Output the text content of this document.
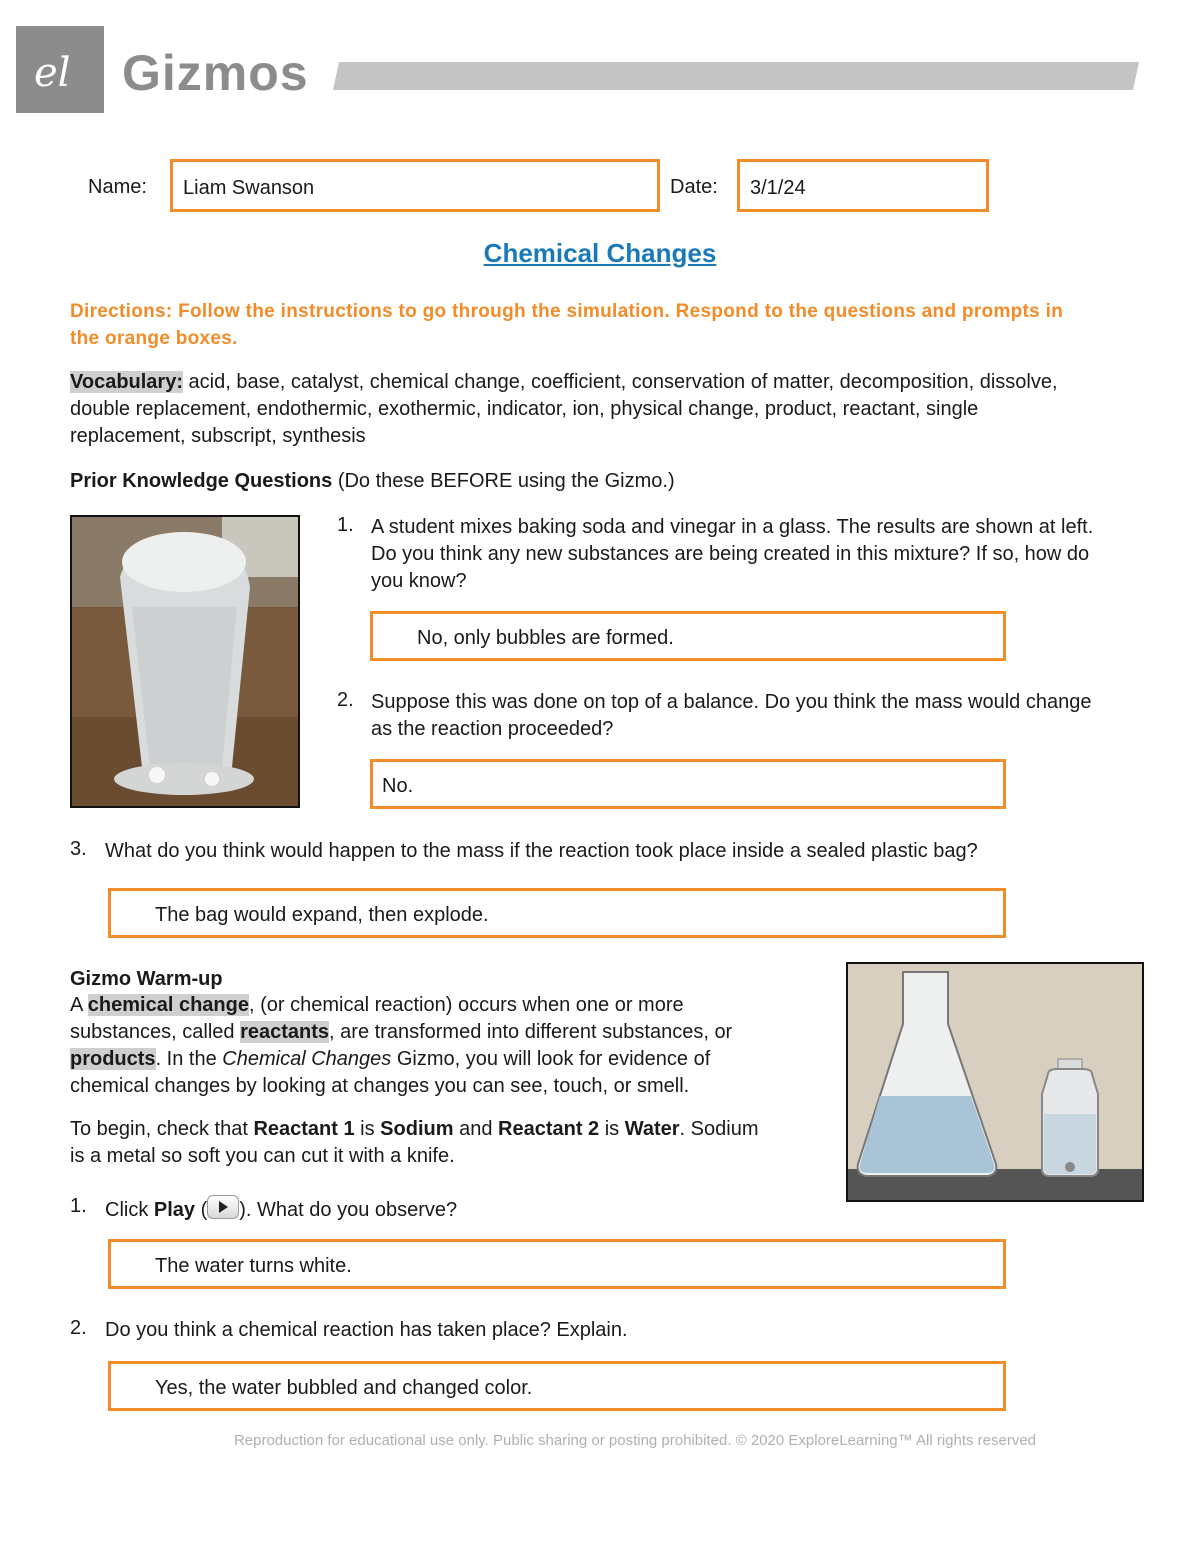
el Gizmos
Name:	Liam Swanson	Date:	3/1/24
Chemical Changes
Directions: Follow the instructions to go through the simulation. Respond to the questions and prompts in the orange boxes.
Vocabulary: acid, base, catalyst, chemical change, coefficient, conservation of matter, decomposition, dissolve, double replacement, endothermic, exothermic, indicator, ion, physical change, product, reactant, single replacement, subscript, synthesis
Prior Knowledge Questions (Do these BEFORE using the Gizmo.)
1. A student mixes baking soda and vinegar in a glass. The results are shown at left. Do you think any new substances are being created in this mixture? If so, how do you know?
No, only bubbles are formed.
2. Suppose this was done on top of a balance. Do you think the mass would change as the reaction proceeded?
No.
3. What do you think would happen to the mass if the reaction took place inside a sealed plastic bag?
The bag would expand, then explode.
Gizmo Warm-up
A chemical change, (or chemical reaction) occurs when one or more substances, called reactants, are transformed into different substances, or products. In the Chemical Changes Gizmo, you will look for evidence of chemical changes by looking at changes you can see, touch, or smell.
To begin, check that Reactant 1 is Sodium and Reactant 2 is Water. Sodium is a metal so soft you can cut it with a knife.
1. Click Play ( ). What do you observe?
The water turns white.
2. Do you think a chemical reaction has taken place? Explain.
Yes, the water bubbled and changed color.
Reproduction for educational use only. Public sharing or posting prohibited. © 2020 ExploreLearning™ All rights reserved
